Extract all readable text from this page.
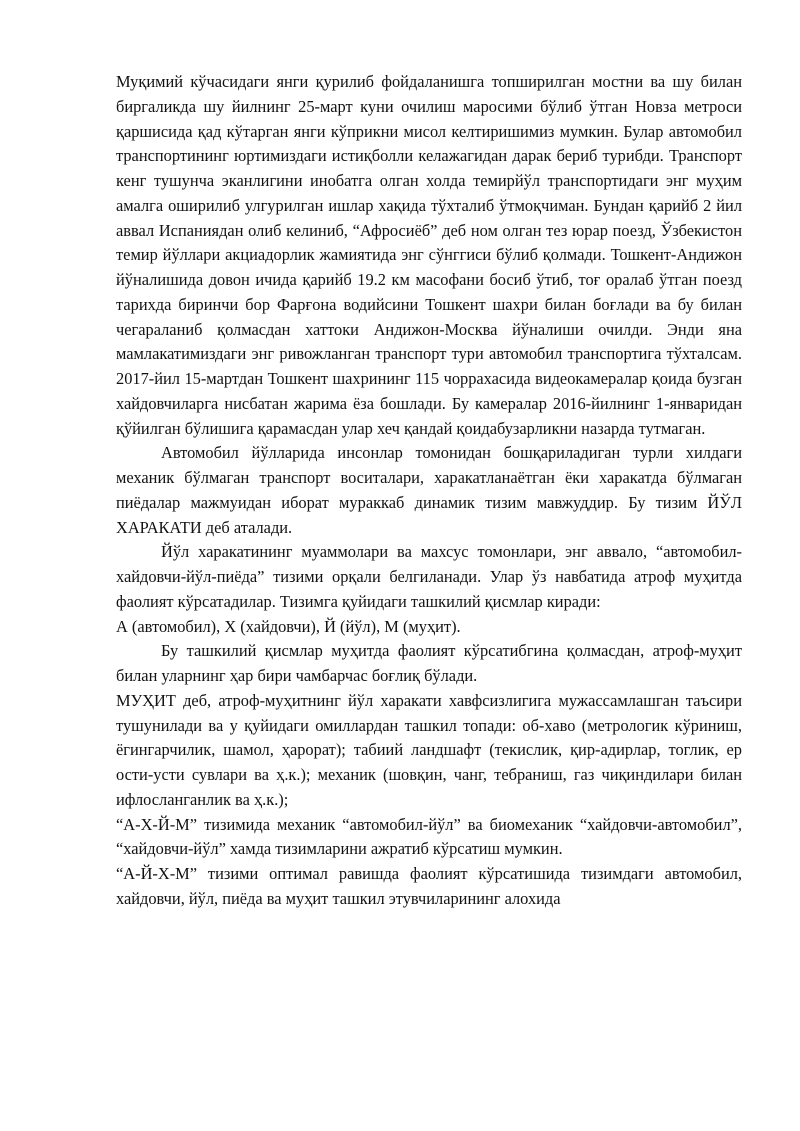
Муқимий кўчасидаги янги қурилиб фойдаланишга топширилган мостни ва шу билан биргаликда шу йилнинг 25-март куни очилиш маросими бўлиб ўтган Новза метроси қаршисида қад кўтарган янги кўприкни мисол келтиришимиз мумкин. Булар автомобил транспортининг юртимиздаги истиқболли келажагидан дарак бериб турибди. Транспорт кенг тушунча эканлигини инобатга олган холда темирйўл транспортидаги энг муҳим амалга оширилиб улгурилган ишлар хақида тўхталиб ўтмоқчиман. Бундан қарийб 2 йил аввал Испаниядан олиб келиниб, “Афросиёб” деб ном олган тез юрар поезд, Ўзбекистон темир йўллари акциадорлик жамиятида энг сўнггиси бўлиб қолмади. Тошкент-Андижон йўналишида довон ичида қарийб 19.2 км масофани босиб ўтиб, тоғ оралаб ўтган поезд тарихда биринчи бор Фарғона водийсини Тошкент шахри билан боғлади ва бу билан чегараланиб қолмасдан хаттоки Андижон-Москва йўналиши очилди. Энди яна мамлакатимиздаги энг ривожланган транспорт тури автомобил транспортига тўхталсам. 2017-йил 15-мартдан Тошкент шахрининг 115 чоррахасида видеокамералар қоида бузган хайдовчиларга нисбатан жарима ёза бошлади. Бу камералар 2016-йилнинг 1-январидан қўйилган бўлишига қарамасдан улар хеч қандай қоидабузарликни назарда тутмаган.

Автомобил йўлларида инсонлар томонидан бошқариладиган турли хилдаги механик бўлмаган транспорт воситалари, харакатланаётган ёки харакатда бўлмаган пиёдалар мажмуидан иборат мураккаб динамик тизим мавжуддир. Бу тизим ЙЎЛ ХАРАКАТИ деб аталади.

Йўл харакатининг муаммолари ва махсус томонлари, энг аввало, “автомобил-хайдовчи-йўл-пиёда” тизими орқали белгиланади. Улар ўз навбатида атроф муҳитда фаолият кўрсатадилар. Тизимга қуйидаги ташкилий қисмлар киради:

А (автомобил), Х (хайдовчи), Й (йўл), М (муҳит).

Бу ташкилий қисмлар муҳитда фаолият кўрсатибгина қолмасдан, атроф-муҳит билан уларнинг ҳар бири чамбарчас боғлиқ бўлади.

МУҲИТ деб, атроф-муҳитнинг йўл харакати хавфсизлигига мужассамлашган таъсири тушунилади ва у қуйидаги омиллардан ташкил топади: об-хаво (метрологик кўриниш, ёгингарчилик, шамол, ҳарорат); табиий ландшафт (текислик, қир-адирлар, тоглик, ер ости-усти сувлари ва ҳ.к.); механик (шовқин, чанг, тебраниш, газ чиқиндилари билан ифлосланганлик ва ҳ.к.);

“А-Х-Й-М” тизимида механик “автомобил-йўл” ва биомеханик “хайдовчи-автомобил”, “хайдовчи-йўл” хамда тизимларини ажратиб кўрсатиш мумкин.

“А-Й-Х-М” тизими оптимал равишда фаолият кўрсатишида тизимдаги автомобил, хайдовчи, йўл, пиёда ва муҳит ташкил этувчиларининг алохида
